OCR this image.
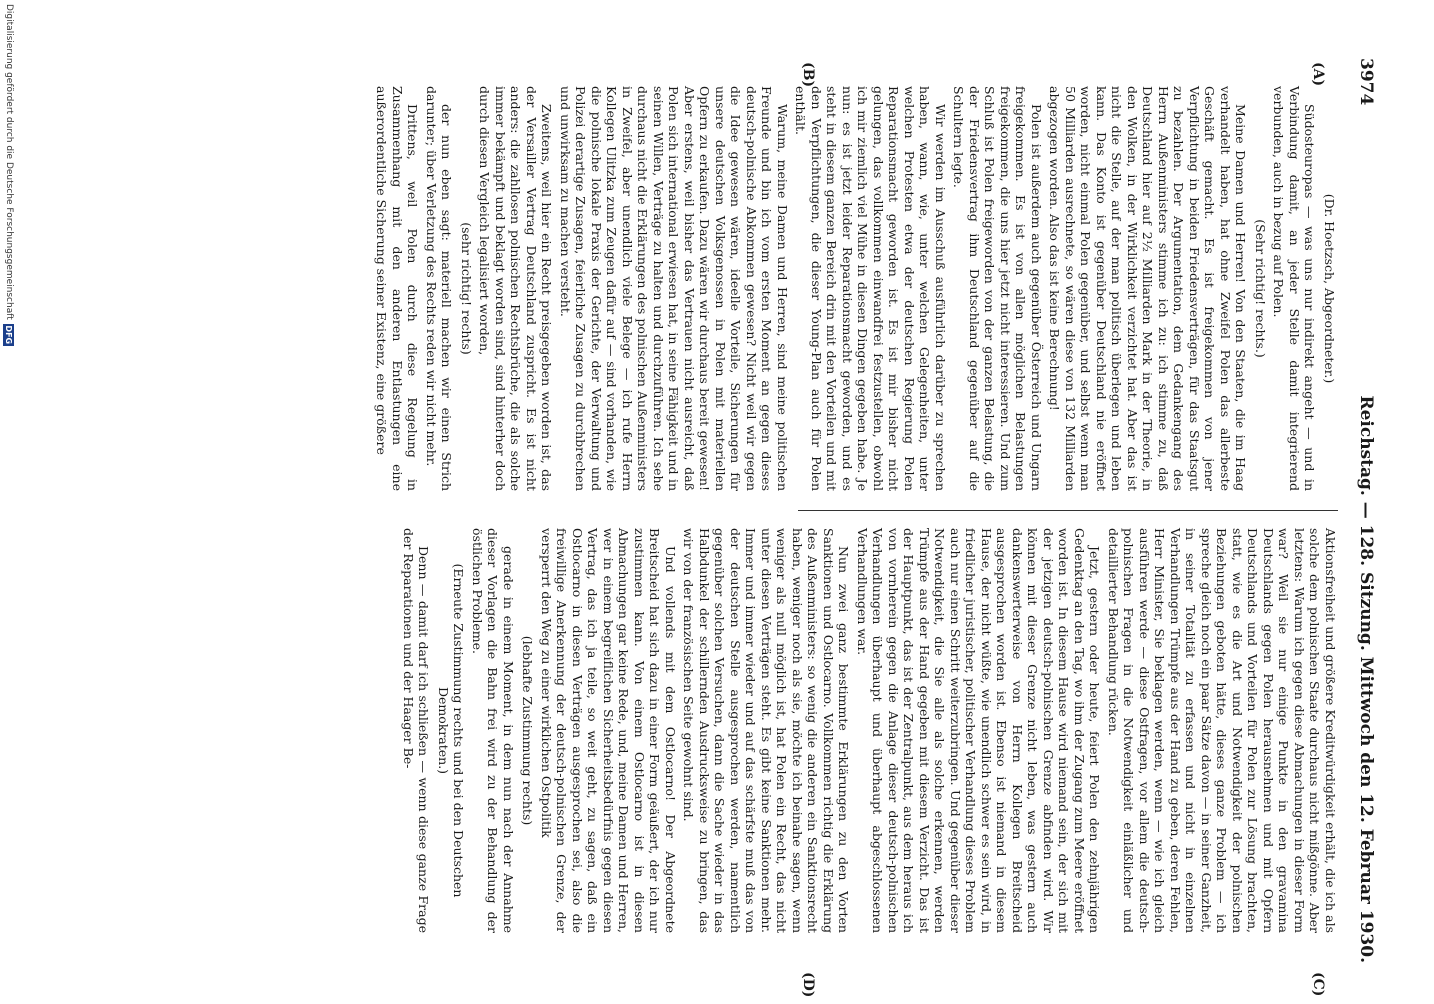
3974
Reichstag. — 128. Sitzung. Mittwoch den 12. Februar 1930.
(A)
(B)
(C)
(D)

(Dr. Hoetzsch, Abgeordneter.)

Südosteuropas — was uns nur indirekt angeht — und in Verbindung damit, an jeder Stelle damit integrierend verbunden, auch in bezug auf Polen.

(Sehr richtig! rechts.)

Meine Damen und Herren! Von den Staaten, die im Haag verhandelt haben, hat ohne Zweifel Polen das allerbeste Geschäft gemacht. Es ist freigekommen von jener Verpflichtung in beiden Friedensverträgen, für das Staatsgut zu bezahlen. Der Argumentation, dem Gedankengang des Herrn Außenministers stimme ich zu: ich stimme zu, daß Deutschland hier auf 2½ Milliarden Mark in der Theorie, in den Wolken, in der Wirklichkeit verzichtet hat. Aber das ist nicht die Stelle, auf der man politisch überlegen und leben kann. Das Konto ist gegenüber Deutschland nie eröffnet worden, nicht einmal Polen gegenüber, und selbst wenn man 50 Milliarden ausrechnete, so wären diese von 132 Milliarden abgezogen worden. Also das ist keine Berechnung!

Polen ist außerdem auch gegenüber Österreich und Ungarn freigekommen. Es ist von allen möglichen Belastungen freigekommen, die uns hier jetzt nicht interessieren. Und zum Schluß ist Polen freigeworden von der ganzen Belastung, die der Friedensvertrag ihm Deutschland gegenüber auf die Schultern legte.

Wir werden im Ausschuß ausführlich darüber zu sprechen haben, wann, wie, unter welchen Gelegenheiten, unter welchen Protesten etwa der deutschen Regierung Polen Reparationsmacht geworden ist. Es ist mir bisher nicht gelungen, das vollkommen einwandfrei festzustellen, obwohl ich mir ziemlich viel Mühe in diesen Dingen gegeben habe. Je nun: es ist jetzt leider Reparationsmacht geworden, und es steht in diesem ganzen Bereich drin mit den Vorteilen und mit den Verpflichtungen, die dieser Young-Plan auch für Polen enthält.

Warum, meine Damen und Herren, sind meine politischen Freunde und bin ich vom ersten Moment an gegen dieses deutsch-polnische Abkommen gewesen? Nicht weil wir gegen die Idee gewesen wären, ideelle Vorteile, Sicherungen für unsere deutschen Volksgenossen in Polen mit materiellen Opfern zu erkaufen. Dazu wären wir durchaus bereit gewesen! Aber erstens, weil bisher das Vertrauen nicht ausreicht, daß Polen sich international erwiesen hat, in seine Fähigkeit und in seinen Willen, Verträge zu halten und durchzuführen. Ich sehe durchaus nicht die Erklärungen des polnischen Außenministers in Zweifel, aber unendlich viele Belege — ich rufe Herrn Kollegen Ulitzka zum Zeugen dafür auf — sind vorhanden, wie die polnische lokale Praxis der Gerichte, der Verwaltung und Polizei derartige Zusagen, feierliche Zusagen zu durchbrechen und unwirksam zu machen versteht.

Zweitens, weil hier ein Recht preisgegeben worden ist, das der Versailler Vertrag Deutschland zuspricht. Es ist nicht anders: die zahllosen polnischen Rechtsbrüche, die als solche immer bekämpft und beklagt worden sind, sind hinterher doch durch diesen Vergleich legalisiert worden,

(sehr richtig! rechts)

der nun eben sagt: materiell machen wir einen Strich darunter; über Verletzung des Rechts reden wir nicht mehr.

Drittens, weil Polen durch diese Regelung in Zusammenhang mit den anderen Entlastungen eine außerordentliche Sicherung seiner Existenz, eine größere

Aktionsfreiheit und größere Kreditwürdigkeit erhält, die ich als solche dem polnischen Staate durchaus nicht mißgönne. Aber letztens: Warum ich gegen diese Abmachungen in dieser Form war? Weil sie nur einige Punkte in den gravamina Deutschlands gegen Polen herausnehmen und mit Opfern Deutschlands und Vorteilen für Polen zur Lösung brachten, statt, wie es die Art und Notwendigkeit der polnischen Beziehungen geboten hätte, dieses ganze Problem — ich spreche gleich noch ein paar Sätze davon — in seiner Ganzheit, in seiner Totalität zu erfassen und nicht in einzelnen Verhandlungen Trümpfe aus der Hand zu geben, deren Fehlen, Herr Minister, Sie beklagen werden, wenn — wie ich gleich ausführen werde — diese Ostfragen, vor allem die deutsch-polnischen Fragen in die Notwendigkeit einläßlicher und detaillierter Behandlung rücken.

Jetzt, gestern oder heute, feiert Polen den zehnjährigen Gedenktag an den Tag, wo ihm der Zugang zum Meere eröffnet worden ist. In diesem Hause wird niemand sein, der sich mit der jetzigen deutsch-polnischen Grenze abfinden wird. Wir können mit dieser Grenze nicht leben, was gestern auch dankenswerterweise von Herrn Kollegen Breitscheid ausgesprochen worden ist. Ebenso ist niemand in diesem Hause, der nicht wüßte, wie unendlich schwer es sein wird, in friedlicher juristischer, politischer Verhandlung dieses Problem auch nur einen Schritt weiterzubringen. Und gegenüber dieser Notwendigkeit, die Sie alle als solche erkennen, werden Trümpfe aus der Hand gegeben mit diesem Verzicht. Das ist der Hauptpunkt, das ist der Zentralpunkt, aus dem heraus ich von vornherein gegen die Anlage dieser deutsch-polnischen Verhandlungen überhaupt und überhaupt abgeschlossenen Verhandlungen war.

Nun zwei ganz bestimmte Erklärungen zu den Vorten Sanktionen und Ostlocarno. Vollkommen richtig die Erklärung des Außenministers: so wenig die anderen ein Sanktionsrecht haben, weniger noch als sie, möchte ich beinahe sagen, wenn weniger als null möglich ist, hat Polen ein Recht, das nicht unter diesen Verträgen steht. Es gibt keine Sanktionen mehr. Immer und immer wieder und auf das schärfste muß das von der deutschen Stelle ausgesprochen werden, namentlich gegenüber solchen Versuchen, dann die Sache wieder in das Halbdunkel der schillernden Ausdrucksweise zu bringen, das wir von der französischen Seite gewohnt sind.

Und vollends mit dem Ostlocarno! Der Abgeordnete Breitscheid hat sich dazu in einer Form geäußert, der ich nur zustimmen kann. Von einem Ostlocarno ist in diesen Abmachungen gar keine Rede, und, meine Damen und Herren, wer in einem begreiflichen Sicherheitsbedürfnis gegen diesen Vertrag, das ich ja teile, so weit geht, zu sagen, daß ein Ostlocarno in diesen Verträgen ausgesprochen sei, also die freiwillige Anerkennung der deutsch-polnischen Grenze, der versperrt den Weg zu einer wirklichen Ostpolitik

(lebhafte Zustimmung rechts)

gerade in einem Moment, in dem nun nach der Annahme dieser Vorlagen die Bahn frei wird zu der Behandlung der östlichen Probleme.

(Erneute Zustimmung rechts und bei den Deutschen Demokraten.)

Denn — damit darf ich schließen — wenn diese ganze Frage der Reparationen und der Haager Be-

Digitalisierung gefördert durch die Deutsche Forschungsgemeinschaft
DFG
